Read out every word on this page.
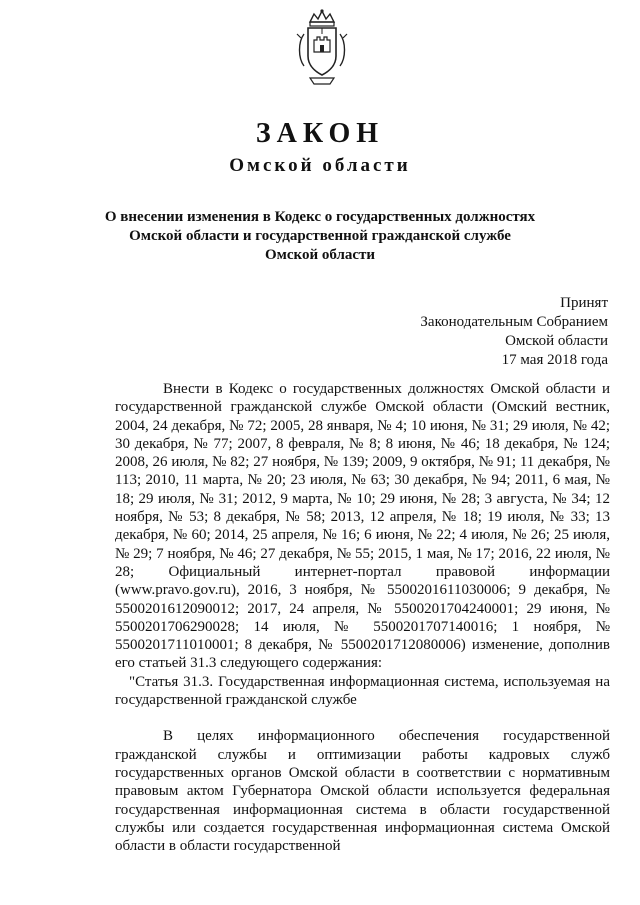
ЗАКОН
Омской области
О внесении изменения в Кодекс о государственных должностях
Омской области и государственной гражданской службе
Омской области
Принят
Законодательным Собранием
Омской области
17 мая 2018 года

Внести в Кодекс о государственных должностях Омской области и государственной гражданской службе Омской области (Омский вестник, 2004, 24 декабря, № 72; 2005, 28 января, № 4; 10 июня, № 31; 29 июля, № 42; 30 декабря, № 77; 2007, 8 февраля, № 8; 8 июня, № 46; 18 декабря, № 124; 2008, 26 июля, № 82; 27 ноября, № 139; 2009, 9 октября, № 91; 11 декабря, № 113; 2010, 11 марта, № 20; 23 июля, № 63; 30 декабря, № 94; 2011, 6 мая, № 18; 29 июля, № 31; 2012, 9 марта, № 10; 29 июня, № 28; 3 августа, № 34; 12 ноября, № 53; 8 декабря, № 58; 2013, 12 апреля, № 18; 19 июля, № 33; 13 декабря, № 60; 2014, 25 апреля, № 16; 6 июня, № 22; 4 июля, № 26; 25 июля, № 29; 7 ноября, № 46; 27 декабря, № 55; 2015, 1 мая, № 17; 2016, 22 июля, № 28; Официальный интернет-портал правовой информации (www.pravo.gov.ru), 2016, 3 ноября, № 5500201611030006; 9 декабря, № 5500201612090012; 2017, 24 апреля, № 5500201704240001; 29 июня, № 5500201706290028; 14 июля, № 5500201707140016; 1 ноября, № 5500201711010001; 8 декабря, № 5500201712080006) изменение, дополнив его статьей 31.3 следующего содержания:

"Статья 31.3. Государственная информационная система, используемая на государственной гражданской службе

В целях информационного обеспечения государственной гражданской службы и оптимизации работы кадровых служб государственных органов Омской области в соответствии с нормативным правовым актом Губернатора Омской области используется федеральная государственная информационная система в области государственной службы или создается государственная информационная система Омской области в области государственной
